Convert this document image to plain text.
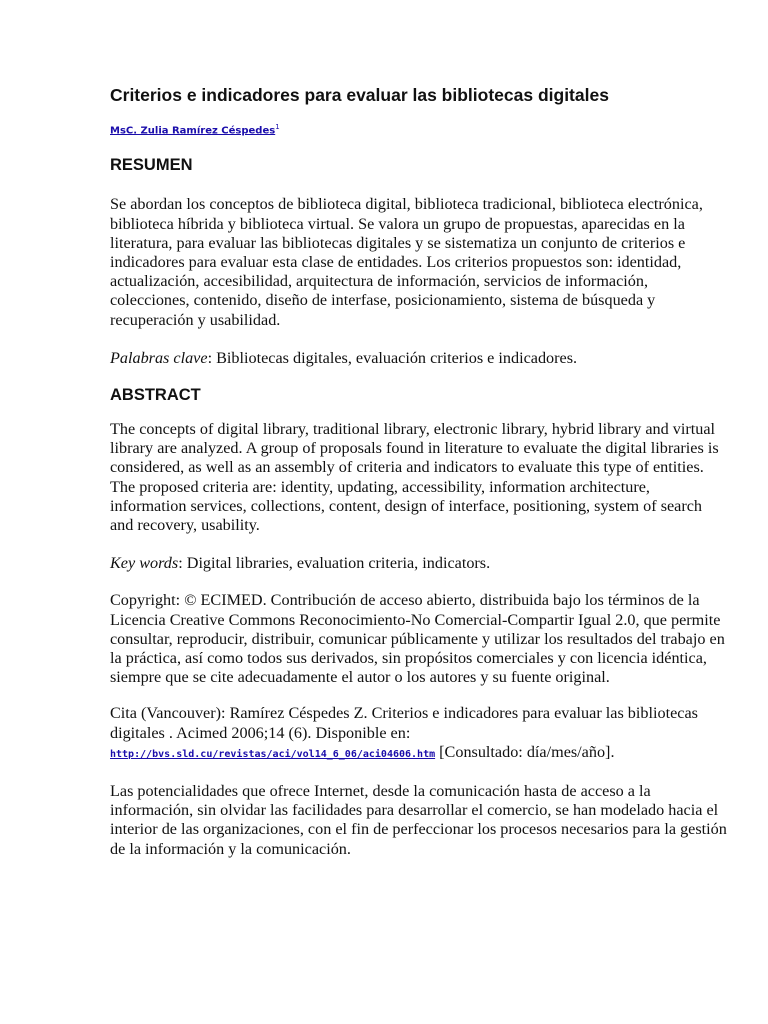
Criterios e indicadores para evaluar las bibliotecas digitales
MsC. Zulia Ramírez Céspedes$^1$
RESUMEN

Se abordan los conceptos de biblioteca digital, biblioteca tradicional, biblioteca electrónica, biblioteca híbrida y biblioteca virtual. Se valora un grupo de propuestas, aparecidas en la literatura, para evaluar las bibliotecas digitales y se sistematiza un conjunto de criterios e indicadores para evaluar esta clase de entidades. Los criterios propuestos son: identidad, actualización, accesibilidad, arquitectura de información, servicios de información, colecciones, contenido, diseño de interfase, posicionamiento, sistema de búsqueda y recuperación y usabilidad.

Palabras clave: Bibliotecas digitales, evaluación criterios e indicadores.

ABSTRACT

The concepts of digital library, traditional library, electronic library, hybrid library and virtual library are analyzed. A group of proposals found in literature to evaluate the digital libraries is considered, as well as an assembly of criteria and indicators to evaluate this type of entities. The proposed criteria are: identity, updating, accessibility, information architecture, information services, collections, content, design of interface, positioning, system of search and recovery, usability.

Key words: Digital libraries, evaluation criteria, indicators.

Copyright: © ECIMED. Contribución de acceso abierto, distribuida bajo los términos de la Licencia Creative Commons Reconocimiento-No Comercial-Compartir Igual 2.0, que permite consultar, reproducir, distribuir, comunicar públicamente y utilizar los resultados del trabajo en la práctica, así como todos sus derivados, sin propósitos comerciales y con licencia idéntica, siempre que se cite adecuadamente el autor o los autores y su fuente original.

Cita (Vancouver): Ramírez Céspedes Z. Criterios e indicadores para evaluar las bibliotecas digitales . Acimed 2006;14 (6). Disponible en: http://bvs.sld.cu/revistas/aci/vol14_6_06/aci04606.htm [Consultado: día/mes/año].

Las potencialidades que ofrece Internet, desde la comunicación hasta de acceso a la información, sin olvidar las facilidades para desarrollar el comercio, se han modelado hacia el interior de las organizaciones, con el fin de perfeccionar los procesos necesarios para la gestión de la información y la comunicación.
